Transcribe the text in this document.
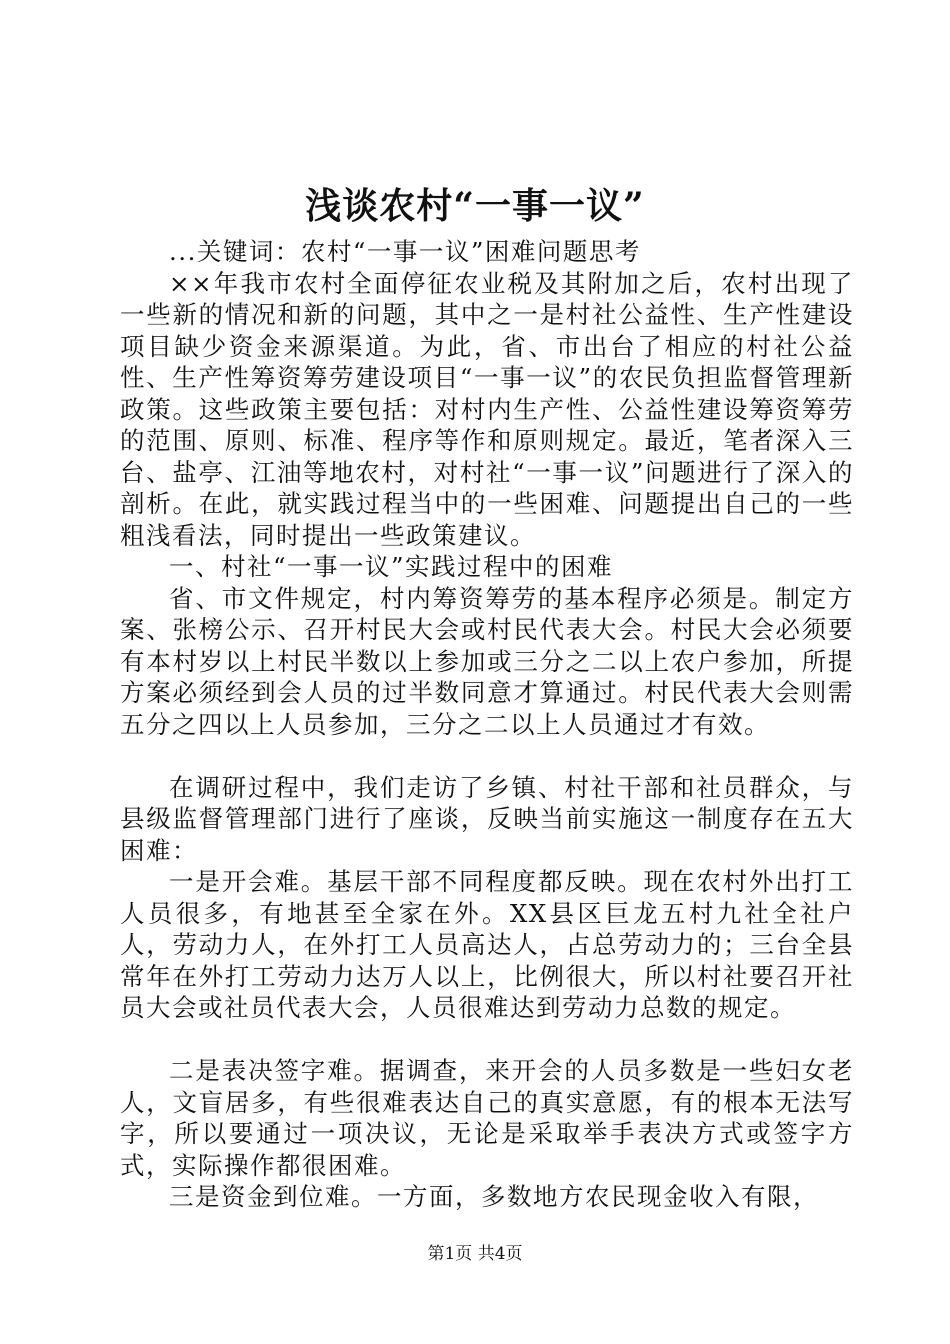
浅谈农村“一事一议”

...关键词：农村“一事一议”困难问题思考

××年我市农村全面停征农业税及其附加之后，农村出现了一些新的情况和新的问题，其中之一是村社公益性、生产性建设项目缺少资金来源渠道。为此，省、市出台了相应的村社公益性、生产性筹资筹劳建设项目“一事一议”的农民负担监督管理新政策。这些政策主要包括：对村内生产性、公益性建设筹资筹劳的范围、原则、标准、程序等作和原则规定。最近，笔者深入三台、盐亭、江油等地农村，对村社“一事一议”问题进行了深入的剖析。在此，就实践过程当中的一些困难、问题提出自己的一些粗浅看法，同时提出一些政策建议。

一、村社“一事一议”实践过程中的困难

省、市文件规定，村内筹资筹劳的基本程序必须是。制定方案、张榜公示、召开村民大会或村民代表大会。村民大会必须要有本村岁以上村民半数以上参加或三分之二以上农户参加，所提方案必须经到会人员的过半数同意才算通过。村民代表大会则需五分之四以上人员参加，三分之二以上人员通过才有效。

在调研过程中，我们走访了乡镇、村社干部和社员群众，与县级监督管理部门进行了座谈，反映当前实施这一制度存在五大困难：

一是开会难。基层干部不同程度都反映。现在农村外出打工人员很多，有地甚至全家在外。XX县区巨龙五村九社全社户人，劳动力人，在外打工人员高达人，占总劳动力的；三台全县常年在外打工劳动力达万人以上，比例很大，所以村社要召开社员大会或社员代表大会，人员很难达到劳动力总数的规定。

二是表决签字难。据调查，来开会的人员多数是一些妇女老人，文盲居多，有些很难表达自己的真实意愿，有的根本无法写字，所以要通过一项决议，无论是采取举手表决方式或签字方式，实际操作都很困难。

三是资金到位难。一方面，多数地方农民现金收入有限，

第1页 共4页
